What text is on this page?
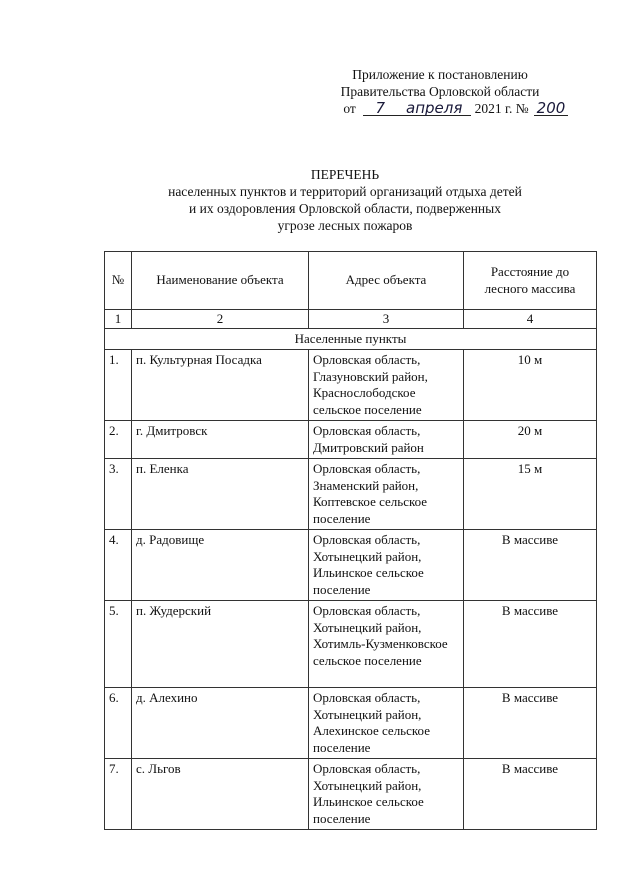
Приложение к постановлению
Правительства Орловской области
от 7 апреля 2021 г. № 200
ПЕРЕЧЕНЬ
населенных пунктов и территорий организаций отдыха детей
и их оздоровления Орловской области, подверженных
угрозе лесных пожаров
№	Наименование объекта	Адрес объекта	Расстояние до лесного массива
1	2	3	4
Населенные пункты			
1.	п. Культурная Посадка	Орловская область, Глазуновский район, Краснослободское сельское поселение	10 м
2.	г. Дмитровск	Орловская область, Дмитровский район	20 м
3.	п. Еленка	Орловская область, Знаменский район, Коптевское сельское поселение	15 м
4.	д. Радовище	Орловская область, Хотынецкий район, Ильинское сельское поселение	В массиве
5.	п. Жудерский	Орловская область, Хотынецкий район, Хотимль-Кузменковское сельское поселение	В массиве
6.	д. Алехино	Орловская область, Хотынецкий район, Алехинское сельское поселение	В массиве
7.	с. Льгов	Орловская область, Хотынецкий район, Ильинское сельское поселение	В массиве
